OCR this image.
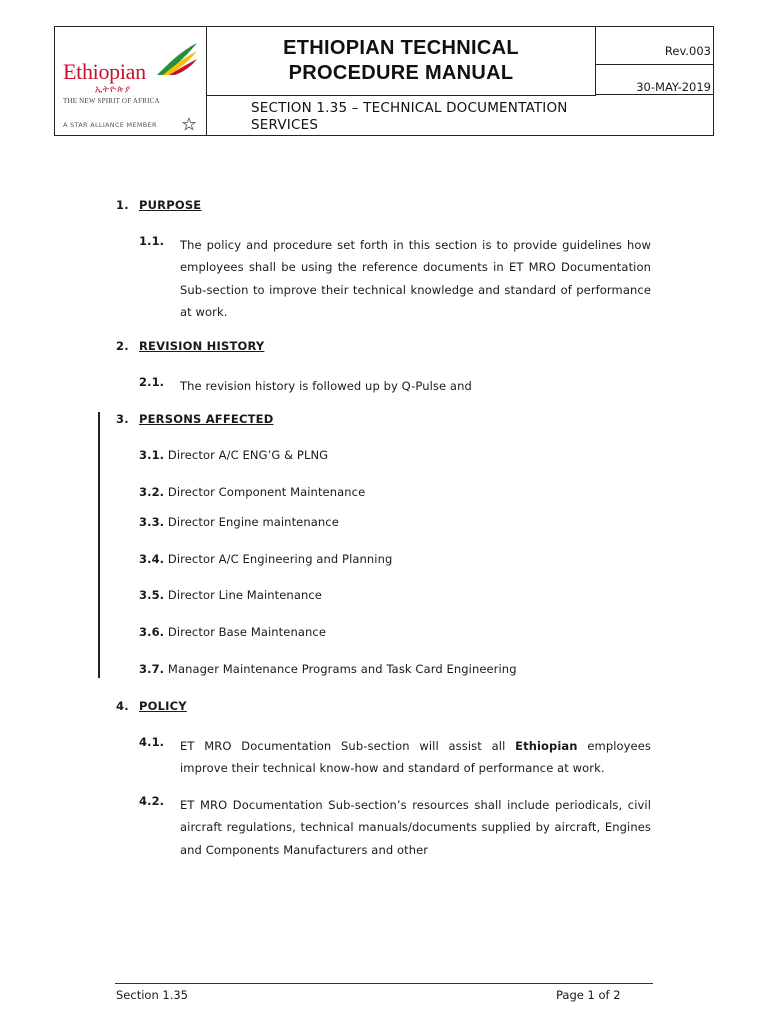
Ethiopian
ኢትዮጵያ
THE NEW SPIRIT OF AFRICA
A STAR ALLIANCE MEMBER
ETHIOPIAN TECHNICAL
PROCEDURE MANUAL
Rev.003
30-MAY-2019
SECTION 1.35 – TECHNICAL DOCUMENTATION
SERVICES
1. PURPOSE
1.1. The policy and procedure set forth in this section is to provide guidelines how employees shall be using the reference documents in ET MRO Documentation Sub-section to improve their technical knowledge and standard of performance at work.
2. REVISION HISTORY
2.1. The revision history is followed up by Q-Pulse and
3. PERSONS AFFECTED
3.1. Director A/C ENG’G & PLNG
3.2. Director Component Maintenance
3.3. Director Engine maintenance
3.4. Director A/C Engineering and Planning
3.5. Director Line Maintenance
3.6. Director Base Maintenance
3.7. Manager Maintenance Programs and Task Card Engineering
4. POLICY
4.1. ET MRO Documentation Sub-section will assist all Ethiopian employees improve their technical know-how and standard of performance at work.
4.2. ET MRO Documentation Sub-section’s resources shall include periodicals, civil aircraft regulations, technical manuals/documents supplied by aircraft, Engines and Components Manufacturers and other
Section 1.35	Page 1 of 2
